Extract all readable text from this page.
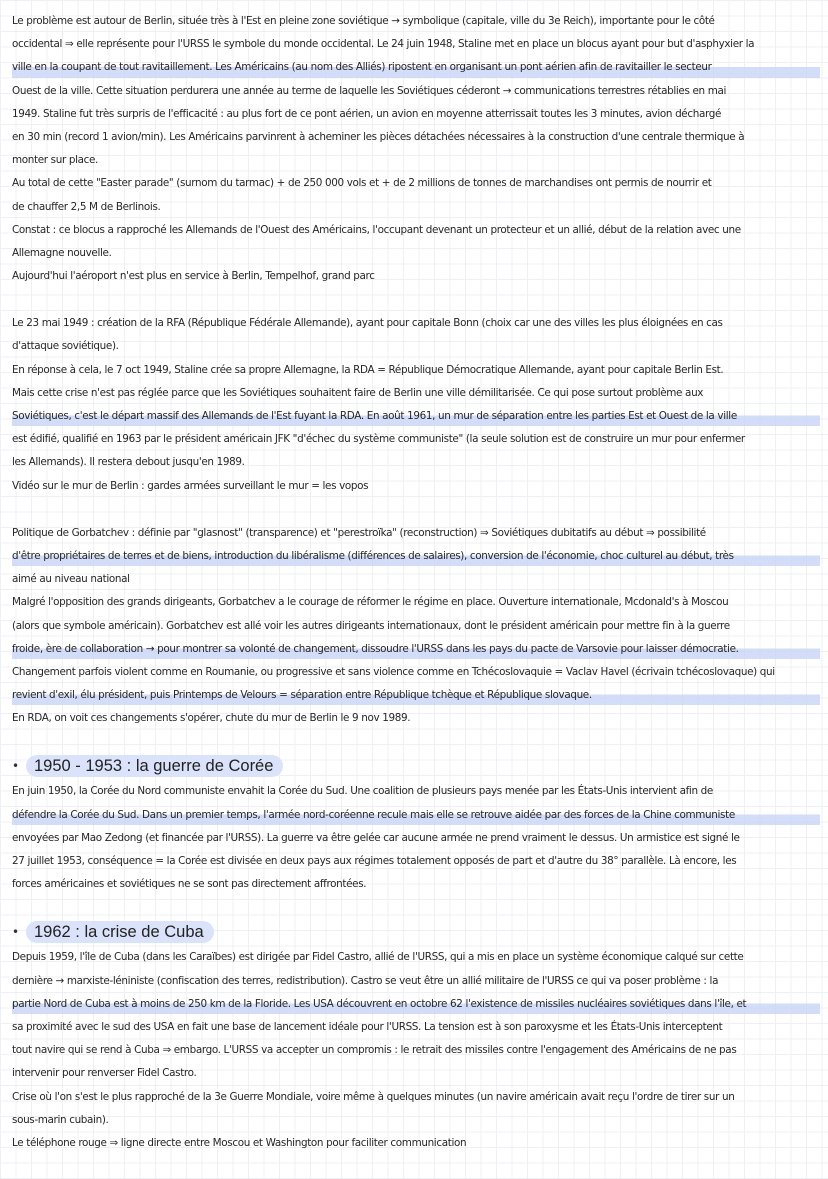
Le problème est autour de Berlin, située très à l'Est en pleine zone soviétique → symbolique (capitale, ville du 3e Reich), importante pour le côté
occidental ⇒ elle représente pour l'URSS le symbole du monde occidental. Le 24 juin 1948, Staline met en place un blocus ayant pour but d'asphyxier la
ville en la coupant de tout ravitaillement. Les Américains (au nom des Alliés) ripostent en organisant un pont aérien afin de ravitailler le secteur
Ouest de la ville. Cette situation perdurera une année au terme de laquelle les Soviétiques céderont → communications terrestres rétablies en mai
1949. Staline fut très surpris de l'efficacité : au plus fort de ce pont aérien, un avion en moyenne atterrissait toutes les 3 minutes, avion déchargé
en 30 min (record 1 avion/min). Les Américains parvinrent à acheminer les pièces détachées nécessaires à la construction d'une centrale thermique à
monter sur place.
Au total de cette "Easter parade" (surnom du tarmac) + de 250 000 vols et + de 2 millions de tonnes de marchandises ont permis de nourrir et
de chauffer 2,5 M de Berlinois.
Constat : ce blocus a rapproché les Allemands de l'Ouest des Américains, l'occupant devenant un protecteur et un allié, début de la relation avec une
Allemagne nouvelle.
Aujourd'hui l'aéroport n'est plus en service à Berlin, Tempelhof, grand parc
Le 23 mai 1949 : création de la RFA (République Fédérale Allemande), ayant pour capitale Bonn (choix car une des villes les plus éloignées en cas
d'attaque soviétique).
En réponse à cela, le 7 oct 1949, Staline crée sa propre Allemagne, la RDA = République Démocratique Allemande, ayant pour capitale Berlin Est.
Mais cette crise n'est pas réglée parce que les Soviétiques souhaitent faire de Berlin une ville démilitarisée. Ce qui pose surtout problème aux
Soviétiques, c'est le départ massif des Allemands de l'Est fuyant la RDA. En août 1961, un mur de séparation entre les parties Est et Ouest de la ville
est édifié, qualifié en 1963 par le président américain JFK "d'échec du système communiste" (la seule solution est de construire un mur pour enfermer
les Allemands). Il restera debout jusqu'en 1989.
Vidéo sur le mur de Berlin : gardes armées surveillant le mur = les vopos
Politique de Gorbatchev : définie par "glasnost" (transparence) et "perestroïka" (reconstruction) ⇒ Soviétiques dubitatifs au début ⇒ possibilité
d'être propriétaires de terres et de biens, introduction du libéralisme (différences de salaires), conversion de l'économie, choc culturel au début, très
aimé au niveau national
Malgré l'opposition des grands dirigeants, Gorbatchev a le courage de réformer le régime en place. Ouverture internationale, Mcdonald's à Moscou
(alors que symbole américain). Gorbatchev est allé voir les autres dirigeants internationaux, dont le président américain pour mettre fin à la guerre
froide, ère de collaboration → pour montrer sa volonté de changement, dissoudre l'URSS dans les pays du pacte de Varsovie pour laisser démocratie.
Changement parfois violent comme en Roumanie, ou progressive et sans violence comme en Tchécoslovaquie = Vaclav Havel (écrivain tchécoslovaque) qui
revient d'exil, élu président, puis Printemps de Velours = séparation entre République tchèque et République slovaque.
En RDA, on voit ces changements s'opérer, chute du mur de Berlin le 9 nov 1989.
• 1950 - 1953 : la guerre de Corée
En juin 1950, la Corée du Nord communiste envahit la Corée du Sud. Une coalition de plusieurs pays menée par les États-Unis intervient afin de
défendre la Corée du Sud. Dans un premier temps, l'armée nord-coréenne recule mais elle se retrouve aidée par des forces de la Chine communiste
envoyées par Mao Zedong (et financée par l'URSS). La guerre va être gelée car aucune armée ne prend vraiment le dessus. Un armistice est signé le
27 juillet 1953, conséquence = la Corée est divisée en deux pays aux régimes totalement opposés de part et d'autre du 38° parallèle. Là encore, les
forces américaines et soviétiques ne se sont pas directement affrontées.
• 1962 : la crise de Cuba
Depuis 1959, l'île de Cuba (dans les Caraïbes) est dirigée par Fidel Castro, allié de l'URSS, qui a mis en place un système économique calqué sur cette
dernière → marxiste-léniniste (confiscation des terres, redistribution). Castro se veut être un allié militaire de l'URSS ce qui va poser problème : la
partie Nord de Cuba est à moins de 250 km de la Floride. Les USA découvrent en octobre 62 l'existence de missiles nucléaires soviétiques dans l'île, et
sa proximité avec le sud des USA en fait une base de lancement idéale pour l'URSS. La tension est à son paroxysme et les États-Unis interceptent
tout navire qui se rend à Cuba ⇒ embargo. L'URSS va accepter un compromis : le retrait des missiles contre l'engagement des Américains de ne pas
intervenir pour renverser Fidel Castro.
Crise où l'on s'est le plus rapproché de la 3e Guerre Mondiale, voire même à quelques minutes (un navire américain avait reçu l'ordre de tirer sur un
sous-marin cubain).
Le téléphone rouge ⇒ ligne directe entre Moscou et Washington pour faciliter communication
